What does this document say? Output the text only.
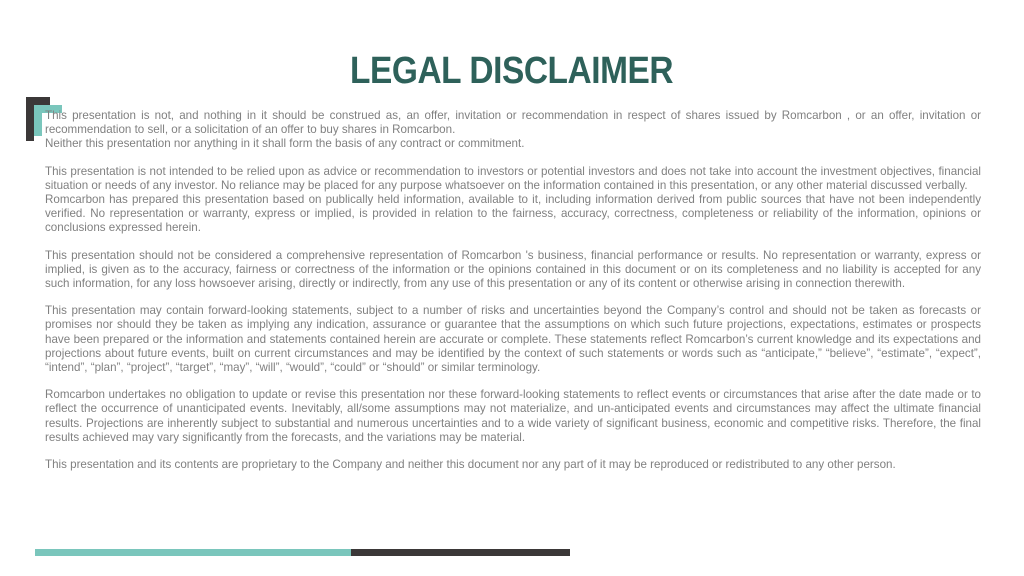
LEGAL DISCLAIMER

This presentation is not, and nothing in it should be construed as, an offer, invitation or recommendation in respect of shares issued by Romcarbon , or an offer, invitation or recommendation to sell, or a solicitation of an offer to buy shares in Romcarbon.
Neither this presentation nor anything in it shall form the basis of any contract or commitment.

This presentation is not intended to be relied upon as advice or recommendation to investors or potential investors and does not take into account the investment objectives, financial situation or needs of any investor. No reliance may be placed for any purpose whatsoever on the information contained in this presentation, or any other material discussed verbally.
Romcarbon has prepared this presentation based on publically held information, available to it, including information derived from public sources that have not been independently verified. No representation or warranty, express or implied, is provided in relation to the fairness, accuracy, correctness, completeness or reliability of the information, opinions or conclusions expressed herein.

This presentation should not be considered a comprehensive representation of Romcarbon 's business, financial performance or results. No representation or warranty, express or implied, is given as to the accuracy, fairness or correctness of the information or the opinions contained in this document or on its completeness and no liability is accepted for any such information, for any loss howsoever arising, directly or indirectly, from any use of this presentation or any of its content or otherwise arising in connection therewith.

This presentation may contain forward-looking statements, subject to a number of risks and uncertainties beyond the Company’s control and should not be taken as forecasts or promises nor should they be taken as implying any indication, assurance or guarantee that the assumptions on which such future projections, expectations, estimates or prospects have been prepared or the information and statements contained herein are accurate or complete. These statements reflect Romcarbon’s current knowledge and its expectations and projections about future events, built on current circumstances and may be identified by the context of such statements or words such as “anticipate,” “believe”, “estimate”, “expect”, “intend”, “plan”, “project”, “target”, “may”, “will”, “would”, “could” or “should” or similar terminology.

Romcarbon undertakes no obligation to update or revise this presentation nor these forward-looking statements to reflect events or circumstances that arise after the date made or to reflect the occurrence of unanticipated events. Inevitably, all/some assumptions may not materialize, and un-anticipated events and circumstances may affect the ultimate financial results. Projections are inherently subject to substantial and numerous uncertainties and to a wide variety of significant business, economic and competitive risks. Therefore, the final results achieved may vary significantly from the forecasts, and the variations may be material.

This presentation and its contents are proprietary to the Company and neither this document nor any part of it may be reproduced or redistributed to any other person.
